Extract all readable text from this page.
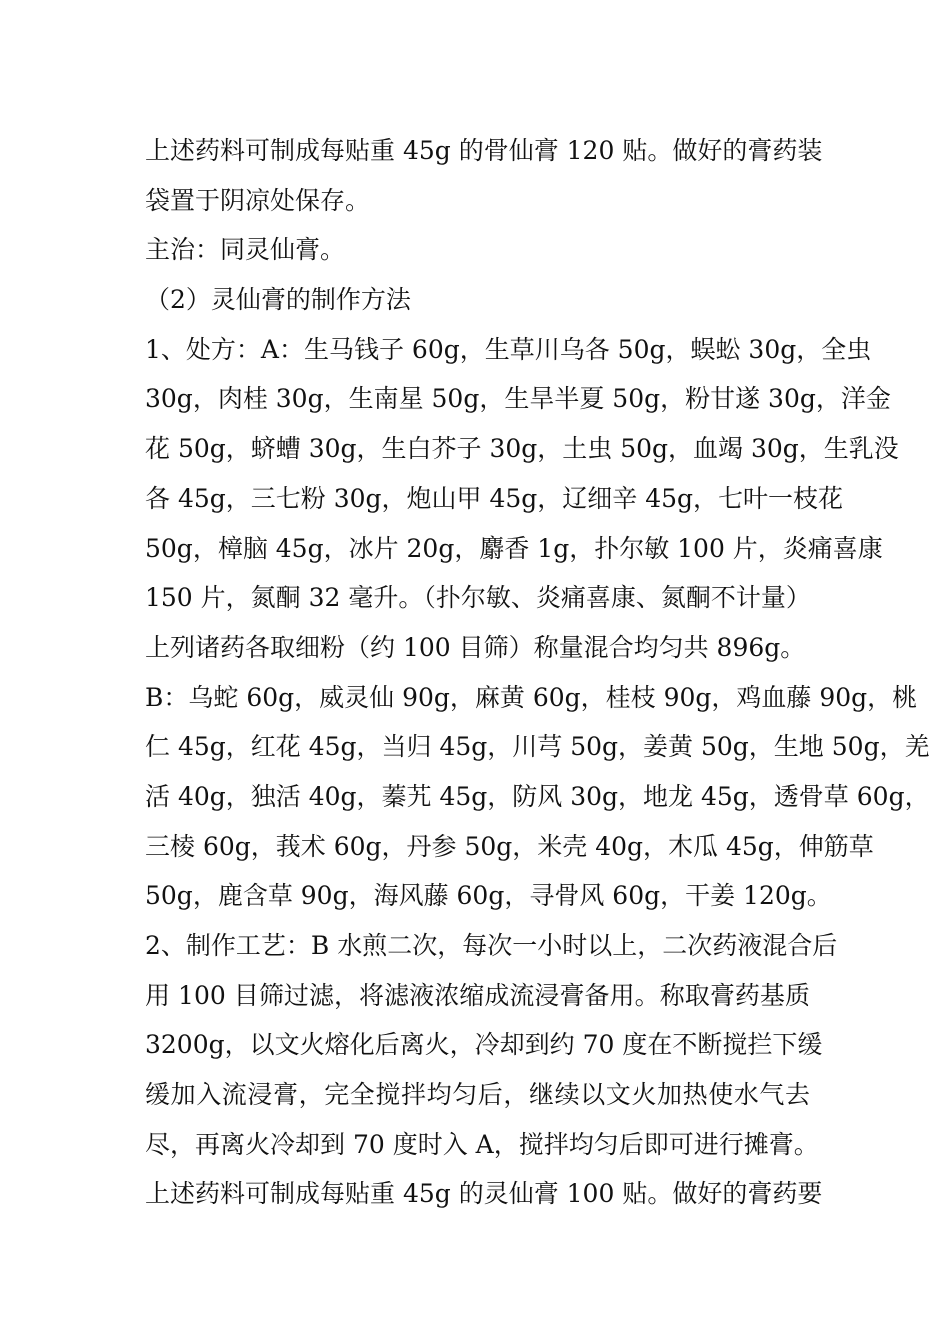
上述药料可制成每贴重 45g 的骨仙膏 120 贴。做好的膏药装
袋置于阴凉处保存。
主治：同灵仙膏。
（2）灵仙膏的制作方法
1、处方：A：生马钱子 60g，生草川乌各 50g，蜈蚣 30g，全虫
30g，肉桂 30g，生南星 50g，生旱半夏 50g，粉甘遂 30g，洋金
花 50g，蛴螬 30g，生白芥子 30g，土虫 50g，血竭 30g，生乳没
各 45g，三七粉 30g，炮山甲 45g，辽细辛 45g，七叶一枝花
50g，樟脑 45g，冰片 20g，麝香 1g，扑尔敏 100 片，炎痛喜康
150 片，氮酮 32 毫升。（扑尔敏、炎痛喜康、氮酮不计量）
上列诸药各取细粉（约 100 目筛）称量混合均匀共 896g。
B：乌蛇 60g，威灵仙 90g，麻黄 60g，桂枝 90g，鸡血藤 90g，桃
仁 45g，红花 45g，当归 45g，川芎 50g，姜黄 50g，生地 50g，羌
活 40g，独活 40g，蓁艽 45g，防风 30g，地龙 45g，透骨草 60g，
三棱 60g，莪术 60g，丹参 50g，米壳 40g，木瓜 45g，伸筋草
50g，鹿含草 90g，海风藤 60g，寻骨风 60g，干姜 120g。
2、制作工艺：B 水煎二次，每次一小时以上，二次药液混合后
用 100 目筛过滤，将滤液浓缩成流浸膏备用。称取膏药基质
3200g，以文火熔化后离火，冷却到约 70 度在不断搅拦下缓
缓加入流浸膏，完全搅拌均匀后，继续以文火加热使水气去
尽，再离火冷却到 70 度时入 A，搅拌均匀后即可进行摊膏。
上述药料可制成每贴重 45g 的灵仙膏 100 贴。做好的膏药要
